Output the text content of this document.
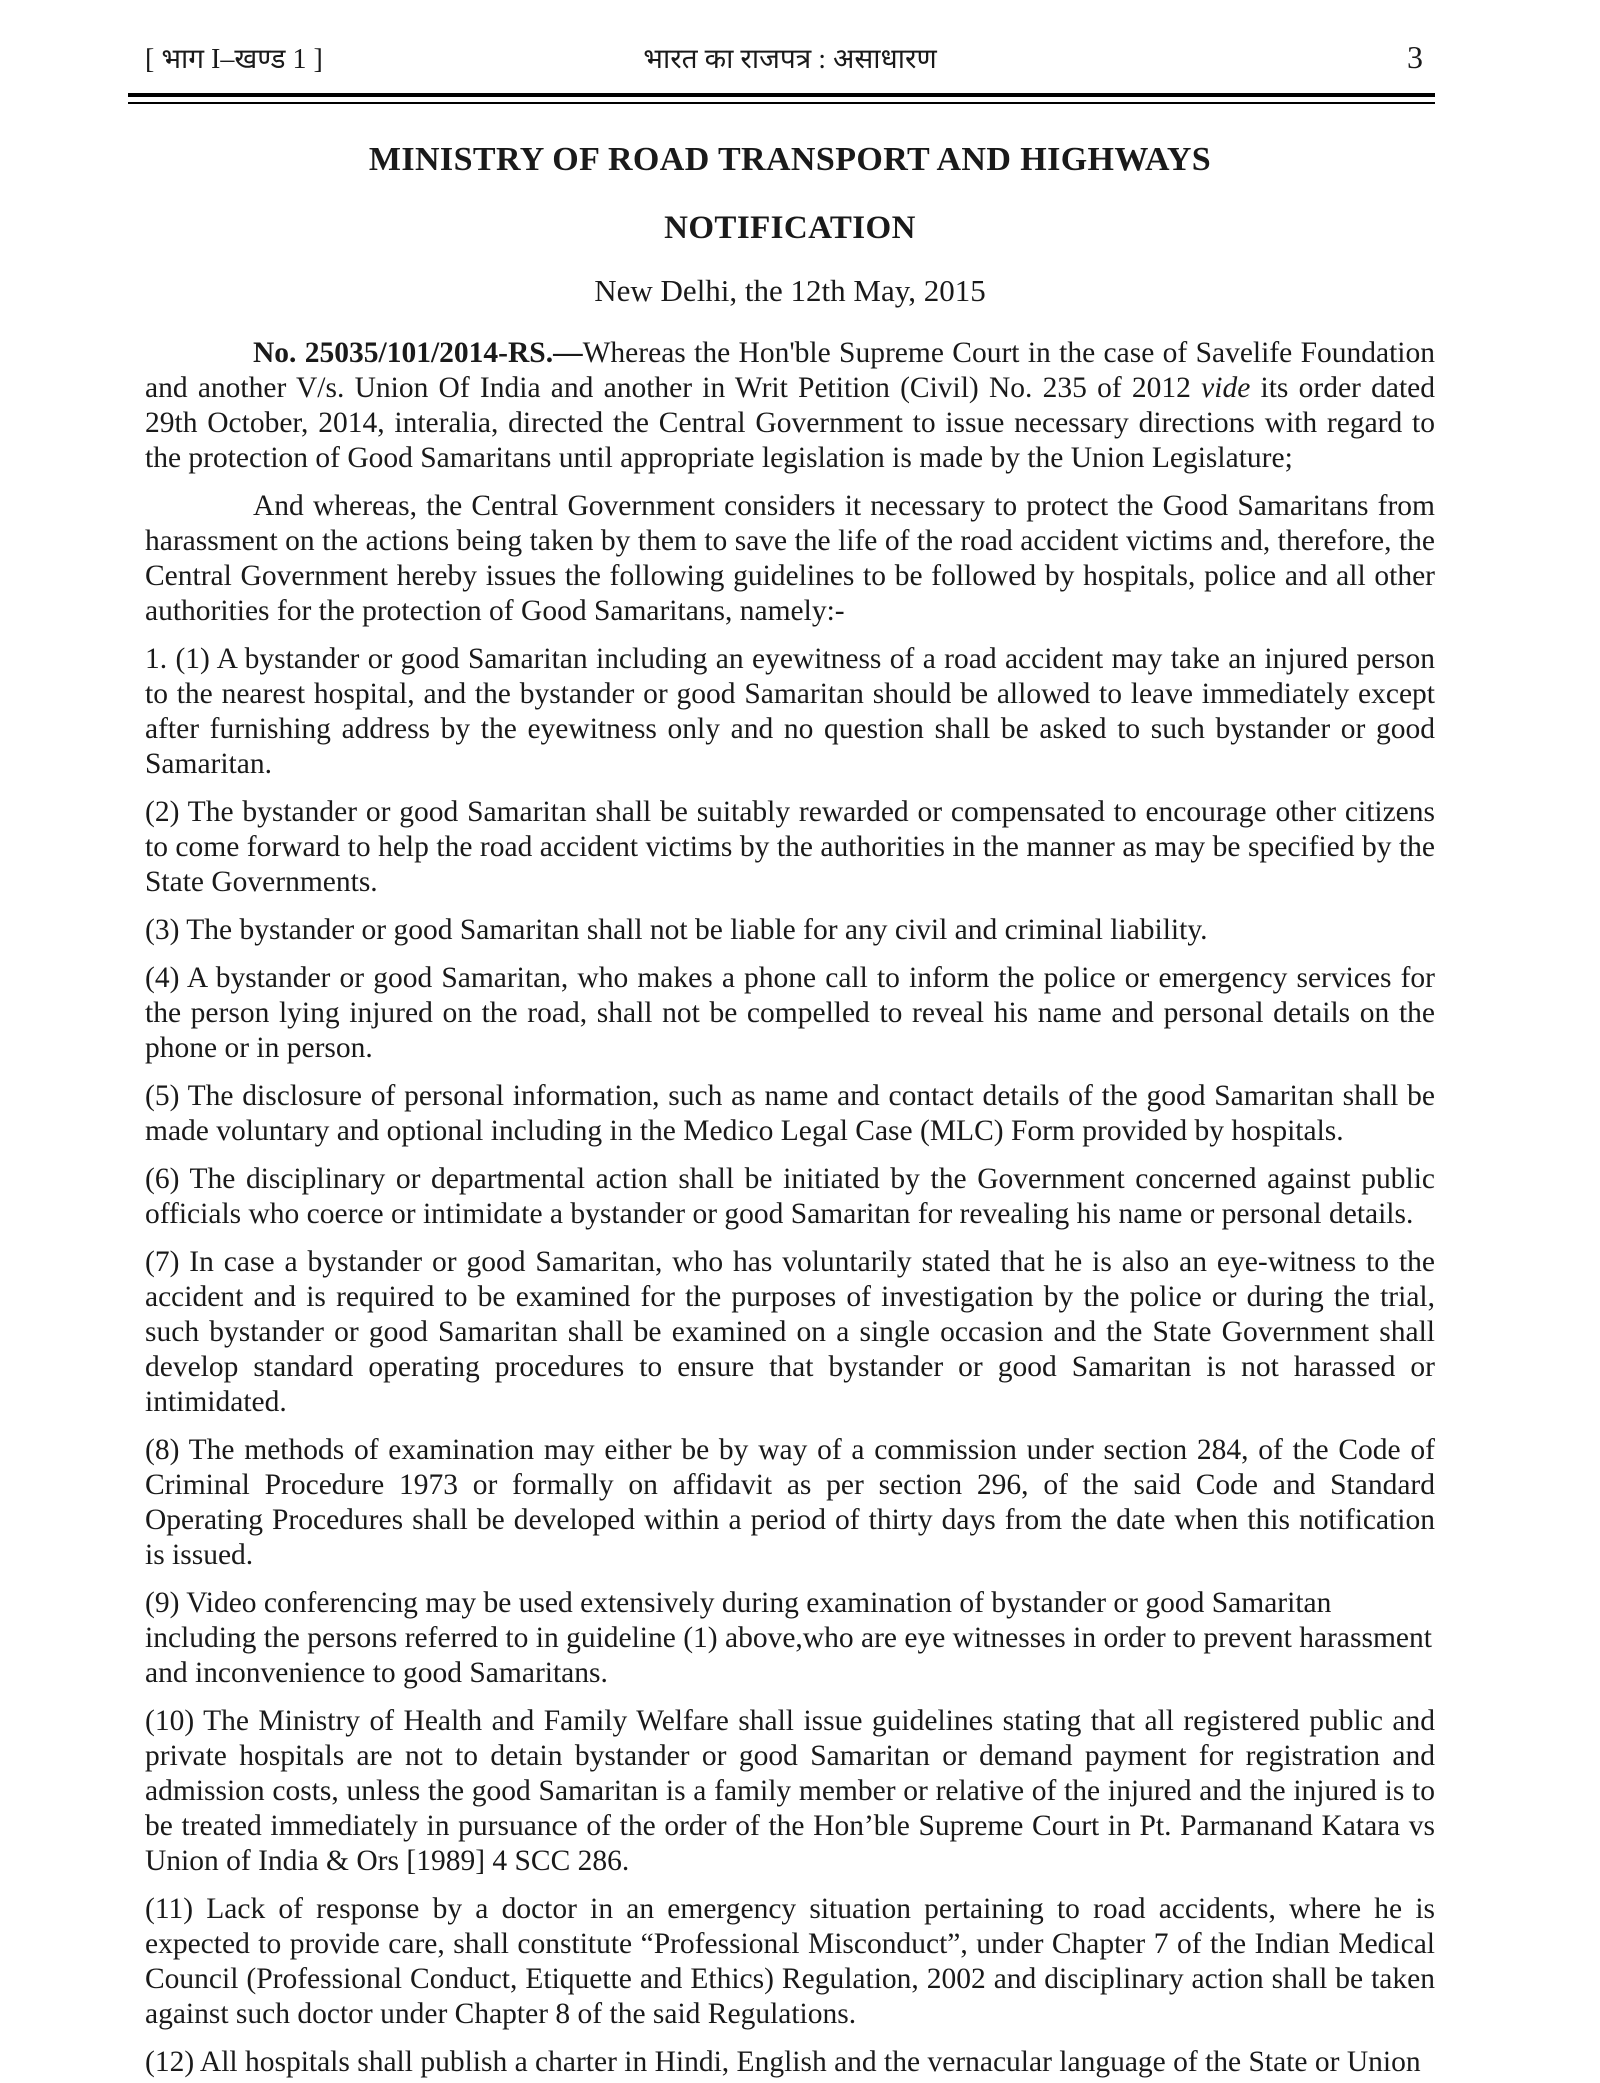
[ भाग I–खण्ड 1 ]	भारत का राजपत्र : असाधारण	3
MINISTRY OF ROAD TRANSPORT AND HIGHWAYS
NOTIFICATION
New Delhi, the 12th May, 2015

No. 25035/101/2014-RS.—Whereas the Hon'ble Supreme Court in the case of Savelife Foundation and another V/s. Union Of India and another in Writ Petition (Civil) No. 235 of 2012 vide its order dated 29th October, 2014, interalia, directed the Central Government to issue necessary directions with regard to the protection of Good Samaritans until appropriate legislation is made by the Union Legislature;

And whereas, the Central Government considers it necessary to protect the Good Samaritans from harassment on the actions being taken by them to save the life of the road accident victims and, therefore, the Central Government hereby issues the following guidelines to be followed by hospitals, police and all other authorities for the protection of Good Samaritans, namely:-

1. (1) A bystander or good Samaritan including an eyewitness of a road accident may take an injured person to the nearest hospital, and the bystander or good Samaritan should be allowed to leave immediately except after furnishing address by the eyewitness only and no question shall be asked to such bystander or good Samaritan.

(2) The bystander or good Samaritan shall be suitably rewarded or compensated to encourage other citizens to come forward to help the road accident victims by the authorities in the manner as may be specified by the State Governments.

(3) The bystander or good Samaritan shall not be liable for any civil and criminal liability.

(4) A bystander or good Samaritan, who makes a phone call to inform the police or emergency services for the person lying injured on the road, shall not be compelled to reveal his name and personal details on the phone or in person.

(5) The disclosure of personal information, such as name and contact details of the good Samaritan shall be made voluntary and optional including in the Medico Legal Case (MLC) Form provided by hospitals.

(6) The disciplinary or departmental action shall be initiated by the Government concerned against public officials who coerce or intimidate a bystander or good Samaritan for revealing his name or personal details.

(7) In case a bystander or good Samaritan, who has voluntarily stated that he is also an eye-witness to the accident and is required to be examined for the purposes of investigation by the police or during the trial, such bystander or good Samaritan shall be examined on a single occasion and the State Government shall develop standard operating procedures to ensure that bystander or good Samaritan is not harassed or intimidated.

(8) The methods of examination may either be by way of a commission under section 284, of the Code of Criminal Procedure 1973 or formally on affidavit as per section 296, of the said Code and Standard Operating Procedures shall be developed within a period of thirty days from the date when this notification is issued.

(9) Video conferencing may be used extensively during examination of bystander or good Samaritan including the persons referred to in guideline (1) above,who are eye witnesses in order to prevent harassment and inconvenience to good Samaritans.

(10) The Ministry of Health and Family Welfare shall issue guidelines stating that all registered public and private hospitals are not to detain bystander or good Samaritan or demand payment for registration and admission costs, unless the good Samaritan is a family member or relative of the injured and the injured is to be treated immediately in pursuance of the order of the Hon’ble Supreme Court in Pt. Parmanand Katara vs Union of India & Ors [1989] 4 SCC 286.

(11) Lack of response by a doctor in an emergency situation pertaining to road accidents, where he is expected to provide care, shall constitute “Professional Misconduct”, under Chapter 7 of the Indian Medical Council (Professional Conduct, Etiquette and Ethics) Regulation, 2002 and disciplinary action shall be taken against such doctor under Chapter 8 of the said Regulations.

(12) All hospitals shall publish a charter in Hindi, English and the vernacular language of the State or Union
